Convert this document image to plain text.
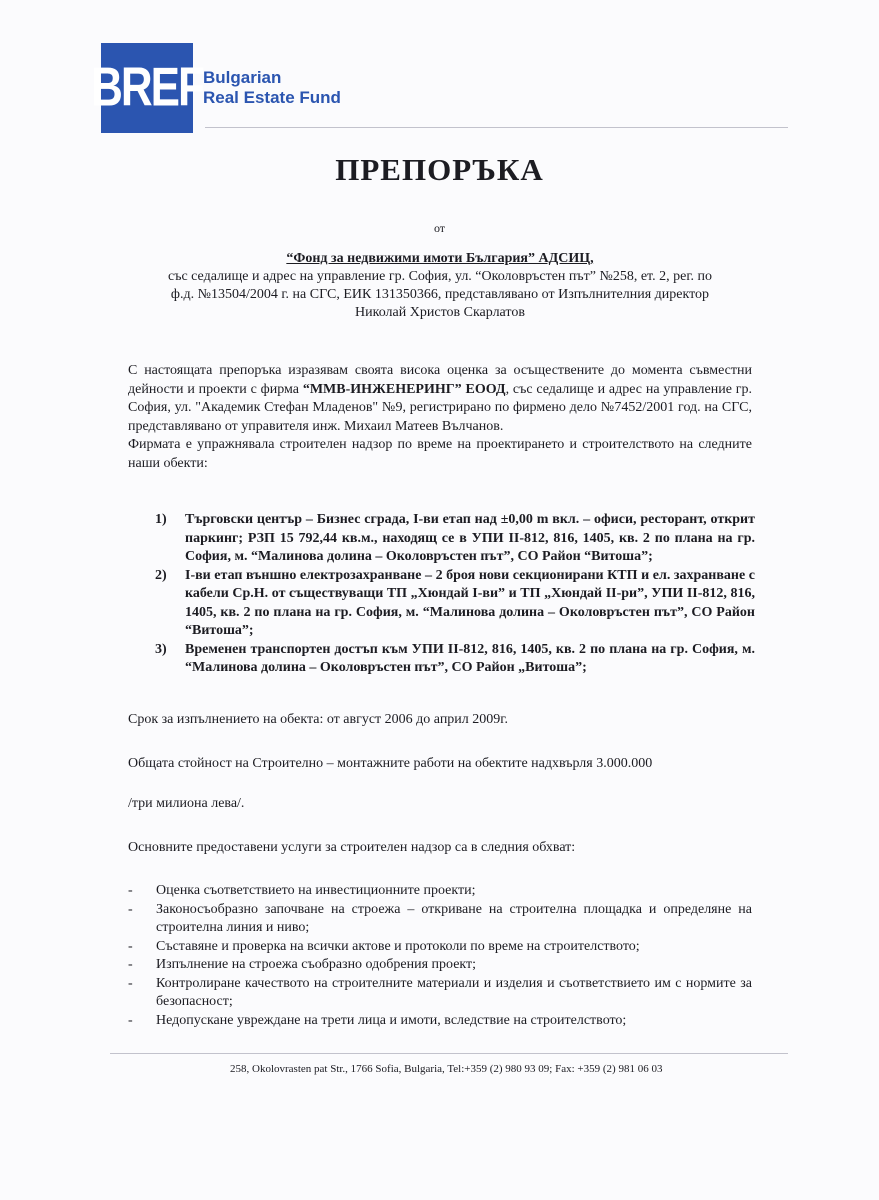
BREF Bulgarian
Real Estate Fund
ПРЕПОРЪКА
от
“Фонд за недвижими имоти България” АДСИЦ,
със седалище и адрес на управление гр. София, ул. “Околовръстен път” №258, ет. 2, рег. по
ф.д. №13504/2004 г. на СГС, ЕИК 131350366, представлявано от Изпълнителния директор
Николай Христов Скарлатов
С настоящата препоръка изразявам своята висока оценка за осъществените до момента съвместни дейности и проекти с фирма “ММВ-ИНЖЕНЕРИНГ” ЕООД, със седалище и адрес на управление гр. София, ул. "Академик Стефан Младенов" №9, регистрирано по фирмено дело №7452/2001 год. на СГС, представлявано от управителя инж. Михаил Матеев Вълчанов.
Фирмата е упражнявала строителен надзор по време на проектирането и строителството на следните наши обекти:
1)	Търговски център – Бизнес сграда, I-ви етап над ±0,00 m вкл. – офиси, ресторант, открит паркинг; РЗП 15 792,44 кв.м., находящ се в УПИ II-812, 816, 1405, кв. 2 по плана на гр. София, м. “Малинова долина – Околовръстен път”, СО Район “Витоша”;
2)	I-ви етап външно електрозахранване – 2 броя нови секционирани КТП и ел. захранване с кабели Ср.Н. от съществуващи ТП „Хюндай I-ви” и ТП „Хюндай II-ри”, УПИ II-812, 816, 1405, кв. 2 по плана на гр. София, м. “Малинова долина – Околовръстен път”, СО Район “Витоша”;
3)	Временен транспортен достъп към УПИ II-812, 816, 1405, кв. 2 по плана на гр. София, м. “Малинова долина – Околовръстен път”, СО Район „Витоша”;
Срок за изпълнението на обекта: от август 2006 до април 2009г.
Общата стойност на Строително – монтажните работи на обектите надхвърля 3.000.000
/три милиона лева/.
Основните предоставени услуги за строителен надзор са в следния обхват:
-	Оценка съответствието на инвестиционните проекти;
-	Законосъобразно започване на строежа – откриване на строителна площадка и определяне на строителна линия и ниво;
-	Съставяне и проверка на всички актове и протоколи по време на строителството;
-	Изпълнение на строежа съобразно одобрения проект;
-	Контролиране качеството на строителните материали и изделия и съответствието им с нормите за безопасност;
-	Недопускане увреждане на трети лица и имоти, вследствие на строителството;
258, Okolovrasten pat Str., 1766 Sofia, Bulgaria, Tel:+359 (2) 980 93 09; Fax: +359 (2) 981 06 03
